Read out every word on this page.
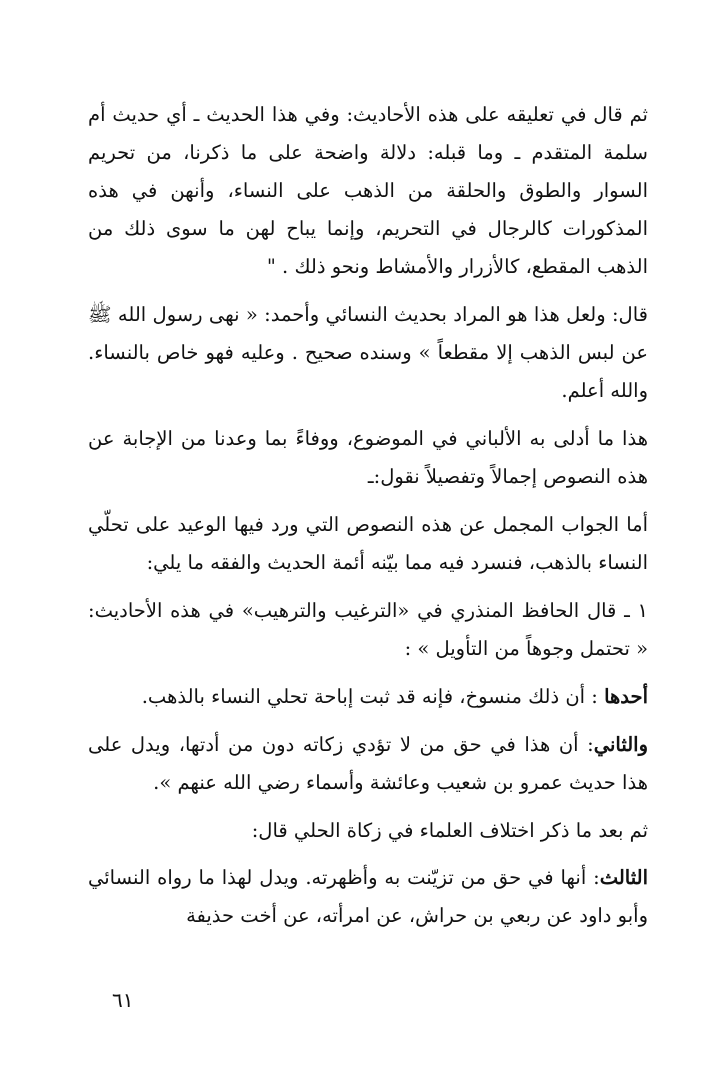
ثم قال في تعليقه على هذه الأحاديث: وفي هذا الحديث ـ أي حديث أم سلمة المتقدم ـ وما قبله: دلالة واضحة على ما ذكرنا، من تحريم السوار والطوق والحلقة من الذهب على النساء، وأنهن في هذه المذكورات كالرجال في التحريم، وإنما يباح لهن ما سوى ذلك من الذهب المقطع، كالأزرار والأمشاط ونحو ذلك . "

قال: ولعل هذا هو المراد بحديث النسائي وأحمد: « نهى رسول الله ﷺ عن لبس الذهب إلا مقطعاً » وسنده صحيح . وعليه فهو خاص بالنساء. والله أعلم.

هذا ما أدلى به الألباني في الموضوع، ووفاءً بما وعدنا من الإجابة عن هذه النصوص إجمالاً وتفصيلاً نقول:ـ

أما الجواب المجمل عن هذه النصوص التي ورد فيها الوعيد على تحلّي النساء بالذهب، فنسرد فيه مما بيّنه أئمة الحديث والفقه ما يلي:

١ ـ قال الحافظ المنذري في «الترغيب والترهيب» في هذه الأحاديث: « تحتمل وجوهاً من التأويل » :

أحدها : أن ذلك منسوخ، فإنه قد ثبت إباحة تحلي النساء بالذهب.

والثاني: أن هذا في حق من لا تؤدي زكاته دون من أدتها، ويدل على هذا حديث عمرو بن شعيب وعائشة وأسماء رضي الله عنهم ».

ثم بعد ما ذكر اختلاف العلماء في زكاة الحلي قال:

الثالث: أنها في حق من تزيّنت به وأظهرته. ويدل لهذا ما رواه النسائي وأبو داود عن ربعي بن حراش، عن امرأته، عن أخت حذيفة

٦١
